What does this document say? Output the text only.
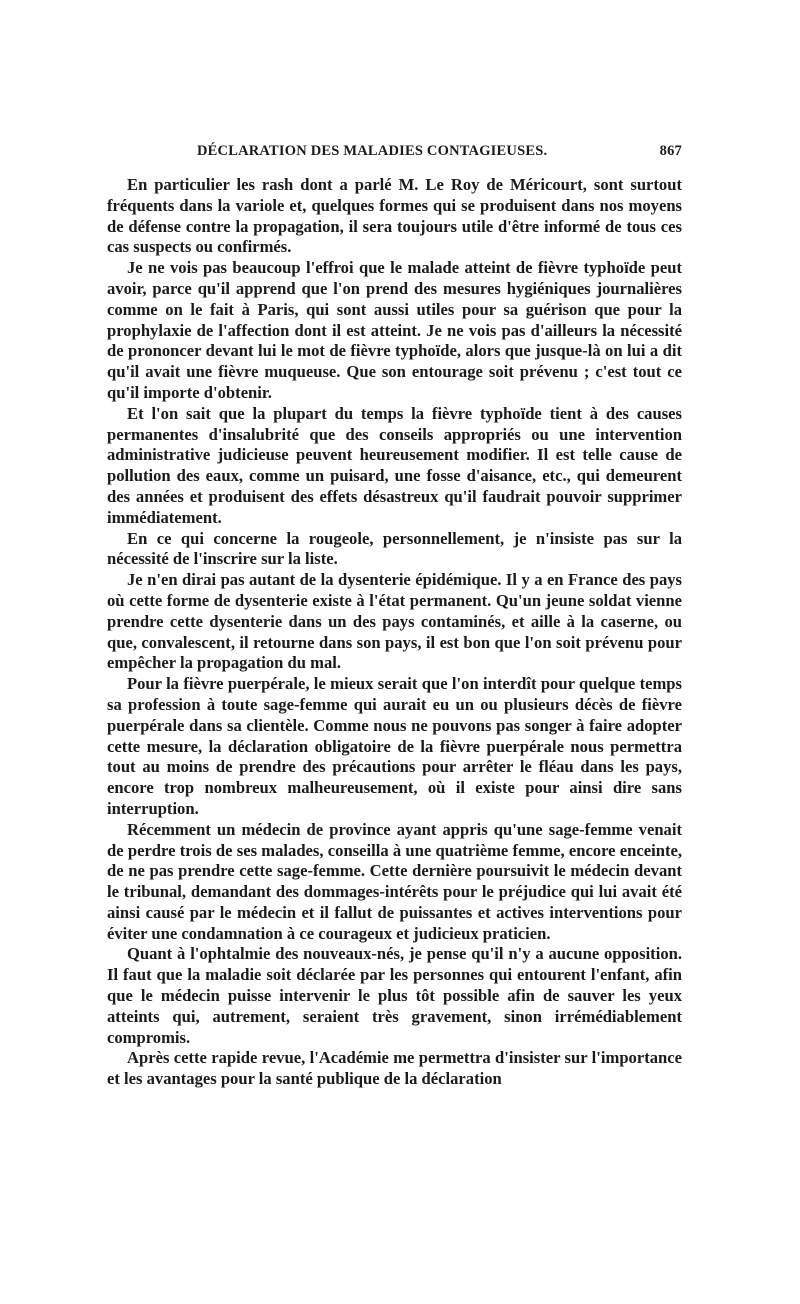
DÉCLARATION DES MALADIES CONTAGIEUSES.	867

En particulier les rash dont a parlé M. Le Roy de Méricourt, sont surtout fréquents dans la variole et, quelques formes qui se produisent dans nos moyens de défense contre la propagation, il sera toujours utile d'être informé de tous ces cas suspects ou confirmés.

Je ne vois pas beaucoup l'effroi que le malade atteint de fièvre typhoïde peut avoir, parce qu'il apprend que l'on prend des mesures hygiéniques journalières comme on le fait à Paris, qui sont aussi utiles pour sa guérison que pour la prophylaxie de l'affection dont il est atteint. Je ne vois pas d'ailleurs la nécessité de prononcer devant lui le mot de fièvre typhoïde, alors que jusque-là on lui a dit qu'il avait une fièvre muqueuse. Que son entourage soit prévenu ; c'est tout ce qu'il importe d'obtenir.

Et l'on sait que la plupart du temps la fièvre typhoïde tient à des causes permanentes d'insalubrité que des conseils appropriés ou une intervention administrative judicieuse peuvent heureusement modifier. Il est telle cause de pollution des eaux, comme un puisard, une fosse d'aisance, etc., qui demeurent des années et produisent des effets désastreux qu'il faudrait pouvoir supprimer immédiatement.

En ce qui concerne la rougeole, personnellement, je n'insiste pas sur la nécessité de l'inscrire sur la liste.

Je n'en dirai pas autant de la dysenterie épidémique. Il y a en France des pays où cette forme de dysenterie existe à l'état permanent. Qu'un jeune soldat vienne prendre cette dysenterie dans un des pays contaminés, et aille à la caserne, ou que, convalescent, il retourne dans son pays, il est bon que l'on soit prévenu pour empêcher la propagation du mal.

Pour la fièvre puerpérale, le mieux serait que l'on interdît pour quelque temps sa profession à toute sage-femme qui aurait eu un ou plusieurs décès de fièvre puerpérale dans sa clientèle. Comme nous ne pouvons pas songer à faire adopter cette mesure, la déclaration obligatoire de la fièvre puerpérale nous permettra tout au moins de prendre des précautions pour arrêter le fléau dans les pays, encore trop nombreux malheureusement, où il existe pour ainsi dire sans interruption.

Récemment un médecin de province ayant appris qu'une sage-femme venait de perdre trois de ses malades, conseilla à une quatrième femme, encore enceinte, de ne pas prendre cette sage-femme. Cette dernière poursuivit le médecin devant le tribunal, demandant des dommages-intérêts pour le préjudice qui lui avait été ainsi causé par le médecin et il fallut de puissantes et actives interventions pour éviter une condamnation à ce courageux et judicieux praticien.

Quant à l'ophtalmie des nouveaux-nés, je pense qu'il n'y a aucune opposition. Il faut que la maladie soit déclarée par les personnes qui entourent l'enfant, afin que le médecin puisse intervenir le plus tôt possible afin de sauver les yeux atteints qui, autrement, seraient très gravement, sinon irrémédiablement compromis.

Après cette rapide revue, l'Académie me permettra d'insister sur l'importance et les avantages pour la santé publique de la déclaration
